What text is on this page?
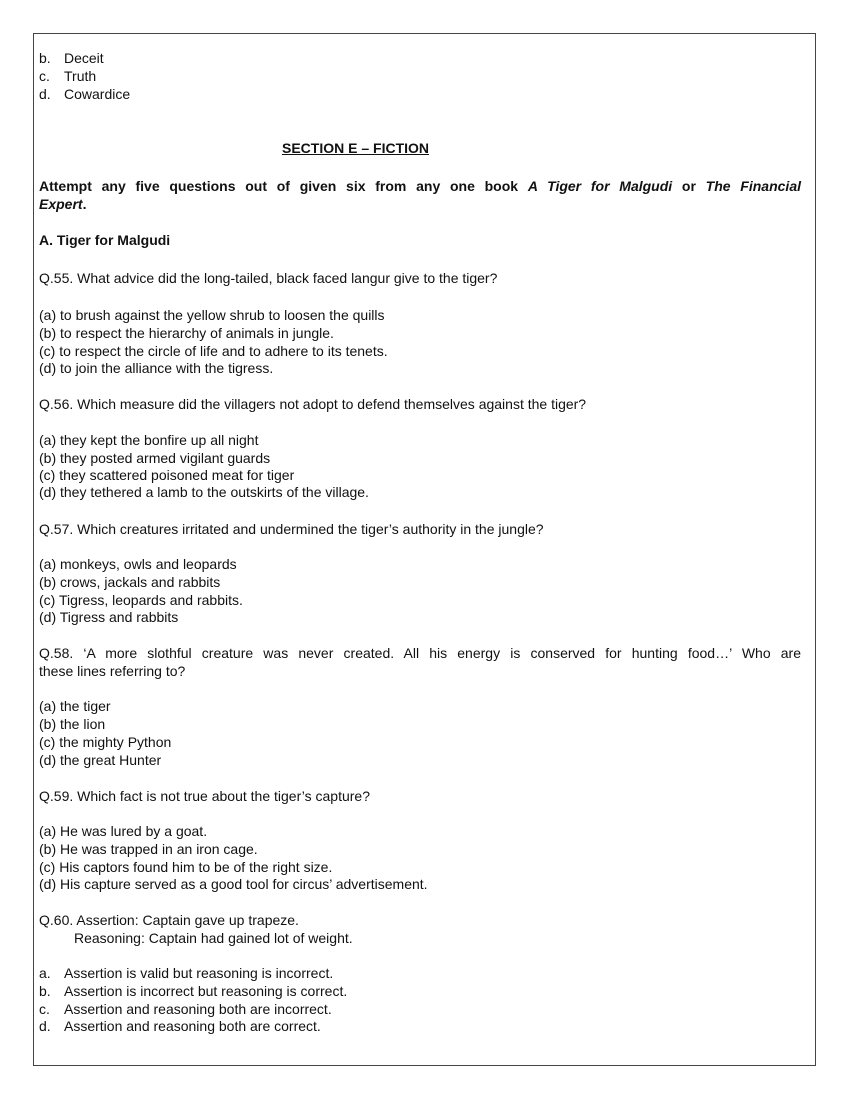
SECTION E – FICTION
Attempt any five questions out of given six from any one book A Tiger for Malgudi or The Financial
Expert.
A. Tiger for Malgudi
Q.58. ‘A more slothful creature was never created. All his energy is conserved for hunting food…’ Who are
these lines referring to?
Q.60. Assertion: Captain gave up trapeze.
Reasoning: Captain had gained lot of weight.
b. Deceit
c. Truth
d. Cowardice
Q.55. What advice did the long-tailed, black faced langur give to the tiger?
(a) to brush against the yellow shrub to loosen the quills
(b) to respect the hierarchy of animals in jungle.
(c) to respect the circle of life and to adhere to its tenets.
(d) to join the alliance with the tigress.
Q.56. Which measure did the villagers not adopt to defend themselves against the tiger?
(a) they kept the bonfire up all night
(b) they posted armed vigilant guards
(c) they scattered poisoned meat for tiger
(d) they tethered a lamb to the outskirts of the village.
Q.57. Which creatures irritated and undermined the tiger’s authority in the jungle?
(a) monkeys, owls and leopards
(b) crows, jackals and rabbits
(c) Tigress, leopards and rabbits.
(d) Tigress and rabbits
(a) the tiger
(b) the lion
(c) the mighty Python
(d) the great Hunter
Q.59. Which fact is not true about the tiger’s capture?
(a) He was lured by a goat.
(b) He was trapped in an iron cage.
(c) His captors found him to be of the right size.
(d) His capture served as a good tool for circus’ advertisement.
a. Assertion is valid but reasoning is incorrect.
b. Assertion is incorrect but reasoning is correct.
c. Assertion and reasoning both are incorrect.
d. Assertion and reasoning both are correct.
